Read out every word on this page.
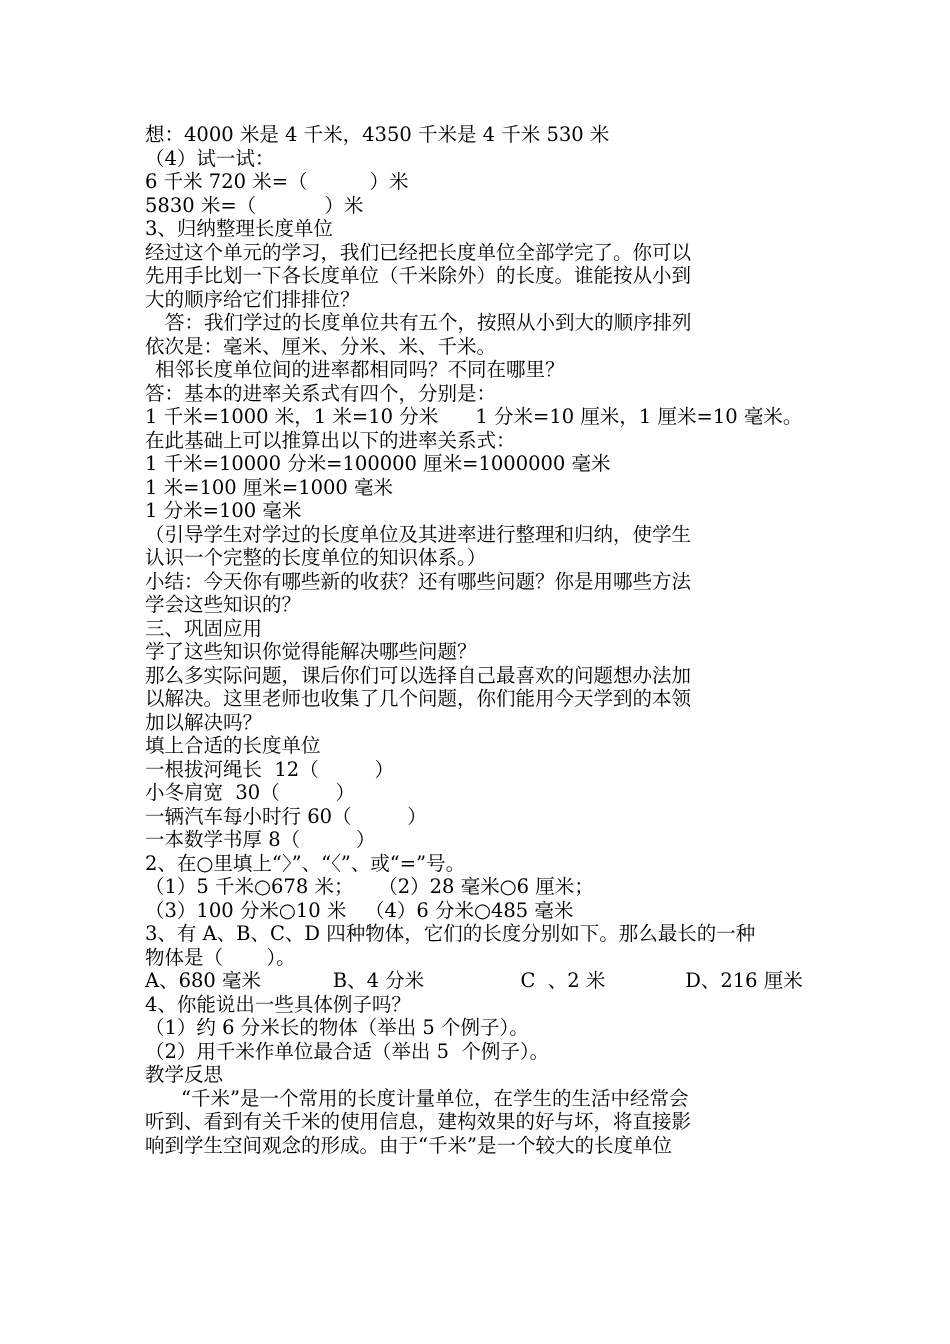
想：4000 米是 4 千米，4350 千米是 4 千米 530 米
（4）试一试：
6 千米 720 米=（          ）米
5830 米=（           ）米
3、归纳整理长度单位
经过这个单元的学习，我们已经把长度单位全部学完了。你可以
先用手比划一下各长度单位（千米除外）的长度。谁能按从小到
大的顺序给它们排排位？
答：我们学过的长度单位共有五个，按照从小到大的顺序排列
依次是：毫米、厘米、分米、米、千米。
相邻长度单位间的进率都相同吗？不同在哪里？
答：基本的进率关系式有四个，分别是：
1 千米=1000 米，1 米=10 分米      1 分米=10 厘米，1 厘米=10 毫米。
在此基础上可以推算出以下的进率关系式：
1 千米=10000 分米=100000 厘米=1000000 毫米
1 米=100 厘米=1000 毫米
1 分米=100 毫米
（引导学生对学过的长度单位及其进率进行整理和归纳，使学生
认识一个完整的长度单位的知识体系。）
小结：今天你有哪些新的收获？还有哪些问题？你是用哪些方法
学会这些知识的？
三、巩固应用
学了这些知识你觉得能解决哪些问题？
那么多实际问题，课后你们可以选择自己最喜欢的问题想办法加
以解决。这里老师也收集了几个问题，你们能用今天学到的本领
加以解决吗？
填上合适的长度单位
一根拔河绳长  12（         ）
小冬肩宽  30（         ）
一辆汽车每小时行 60（         ）
一本数学书厚 8（         ）
2、在○里填上“〉”、“〈”、或“=”号。
（1）5 千米○678 米；    （2）28 毫米○6 厘米；
（3）100 分米○10 米   （4）6 分米○485 毫米
3、有 A、B、C、D 四种物体，它们的长度分别如下。那么最长的一种
物体是（       ）。
A、680 毫米	B、4 分米	C  、2 米	D、216 厘米
4、你能说出一些具体例子吗？
（1）约 6 分米长的物体（举出 5 个例子）。
（2）用千米作单位最合适（举出 5  个例子）。
教学反思
“千米”是一个常用的长度计量单位，在学生的生活中经常会
听到、看到有关千米的使用信息，建构效果的好与坏，将直接影
响到学生空间观念的形成。由于“千米”是一个较大的长度单位
